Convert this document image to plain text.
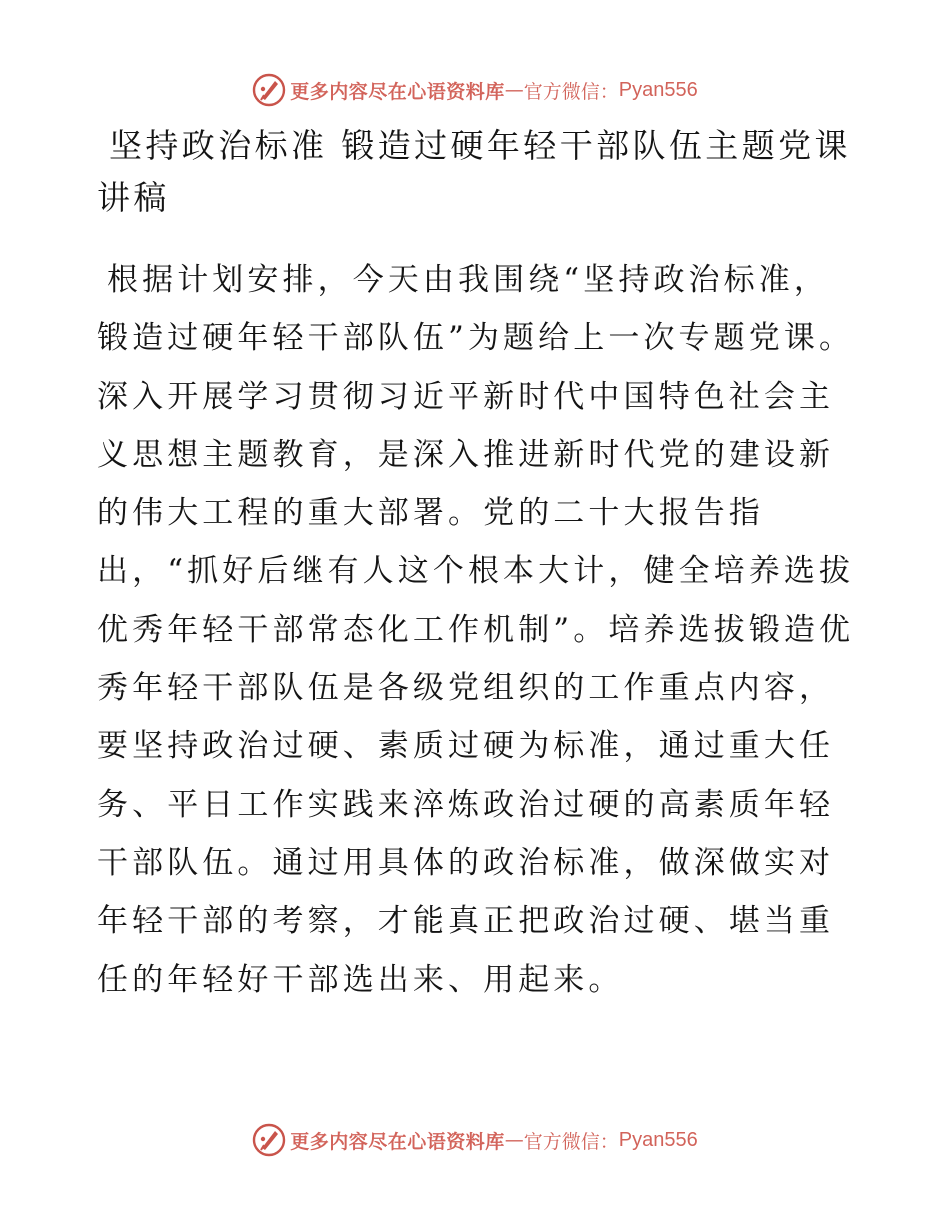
更多内容尽在心语资料库 — 官方微信： Pyan556
坚持政治标准 锻造过硬年轻干部队伍主题党课讲稿

根据计划安排，今天由我围绕“坚持政治标准，锻造过硬年轻干部队伍”为题给上一次专题党课。深入开展学习贯彻习近平新时代中国特色社会主义思想主题教育，是深入推进新时代党的建设新的伟大工程的重大部署。党的二十大报告指出，“抓好后继有人这个根本大计，健全培养选拔优秀年轻干部常态化工作机制”。培养选拔锻造优秀年轻干部队伍是各级党组织的工作重点内容，要坚持政治过硬、素质过硬为标准，通过重大任务、平日工作实践来淬炼政治过硬的高素质年轻干部队伍。通过用具体的政治标准，做深做实对年轻干部的考察，才能真正把政治过硬、堪当重任的年轻好干部选出来、用起来。

更多内容尽在心语资料库 — 官方微信： Pyan556
